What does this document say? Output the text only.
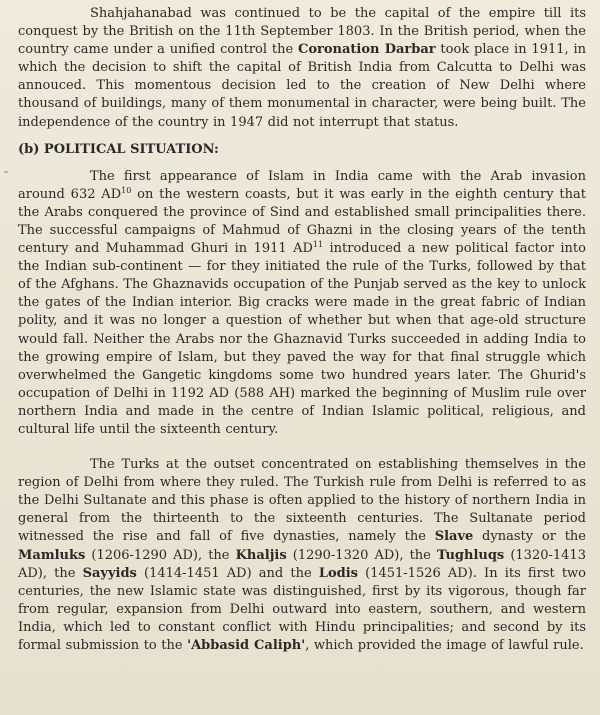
Shahjahanabad was continued to be the capital of the empire till its conquest by the British on the 11th September 1803. In the British period, when the country came under a unified control the Coronation Darbar took place in 1911, in which the decision to shift the capital of British India from Calcutta to Delhi was annouced. This momentous decision led to the creation of New Delhi where thousand of buildings, many of them monumental in character, were being built. The independence of the country in 1947 did not interrupt that status.

(b) POLITICAL SITUATION:

The first appearance of Islam in India came with the Arab invasion around 632 AD$^{10}$ on the western coasts, but it was early in the eighth century that the Arabs conquered the province of Sind and established small principalities there. The successful campaigns of Mahmud of Ghazni in the closing years of the tenth century and Muhammad Ghuri in 1911 AD$^{11}$ introduced a new political factor into the Indian sub-continent — for they initiated the rule of the Turks, followed by that of the Afghans. The Ghaznavids occupation of the Punjab served as the key to unlock the gates of the Indian interior. Big cracks were made in the great fabric of Indian polity, and it was no longer a question of whether but when that age-old structure would fall. Neither the Arabs nor the Ghaznavid Turks succeeded in adding India to the growing empire of Islam, but they paved the way for that final struggle which overwhelmed the Gangetic kingdoms some two hundred years later. The Ghurid's occupation of Delhi in 1192 AD (588 AH) marked the beginning of Muslim rule over northern India and made in the centre of Indian Islamic political, religious, and cultural life until the sixteenth century.

The Turks at the outset concentrated on establishing themselves in the region of Delhi from where they ruled. The Turkish rule from Delhi is referred to as the Delhi Sultanate and this phase is often applied to the history of northern India in general from the thirteenth to the sixteenth centuries. The Sultanate period witnessed the rise and fall of five dynasties, namely the Slave dynasty or the Mamluks (1206-1290 AD), the Khaljis (1290-1320 AD), the Tughluqs (1320-1413 AD), the Sayyids (1414-1451 AD) and the Lodis (1451-1526 AD). In its first two centuries, the new Islamic state was distinguished, first by its vigorous, though far from regular, expansion from Delhi outward into eastern, southern, and western India, which led to constant conflict with Hindu principalities; and second by its formal submission to the 'Abbasid Caliph', which provided the image of lawful rule.
